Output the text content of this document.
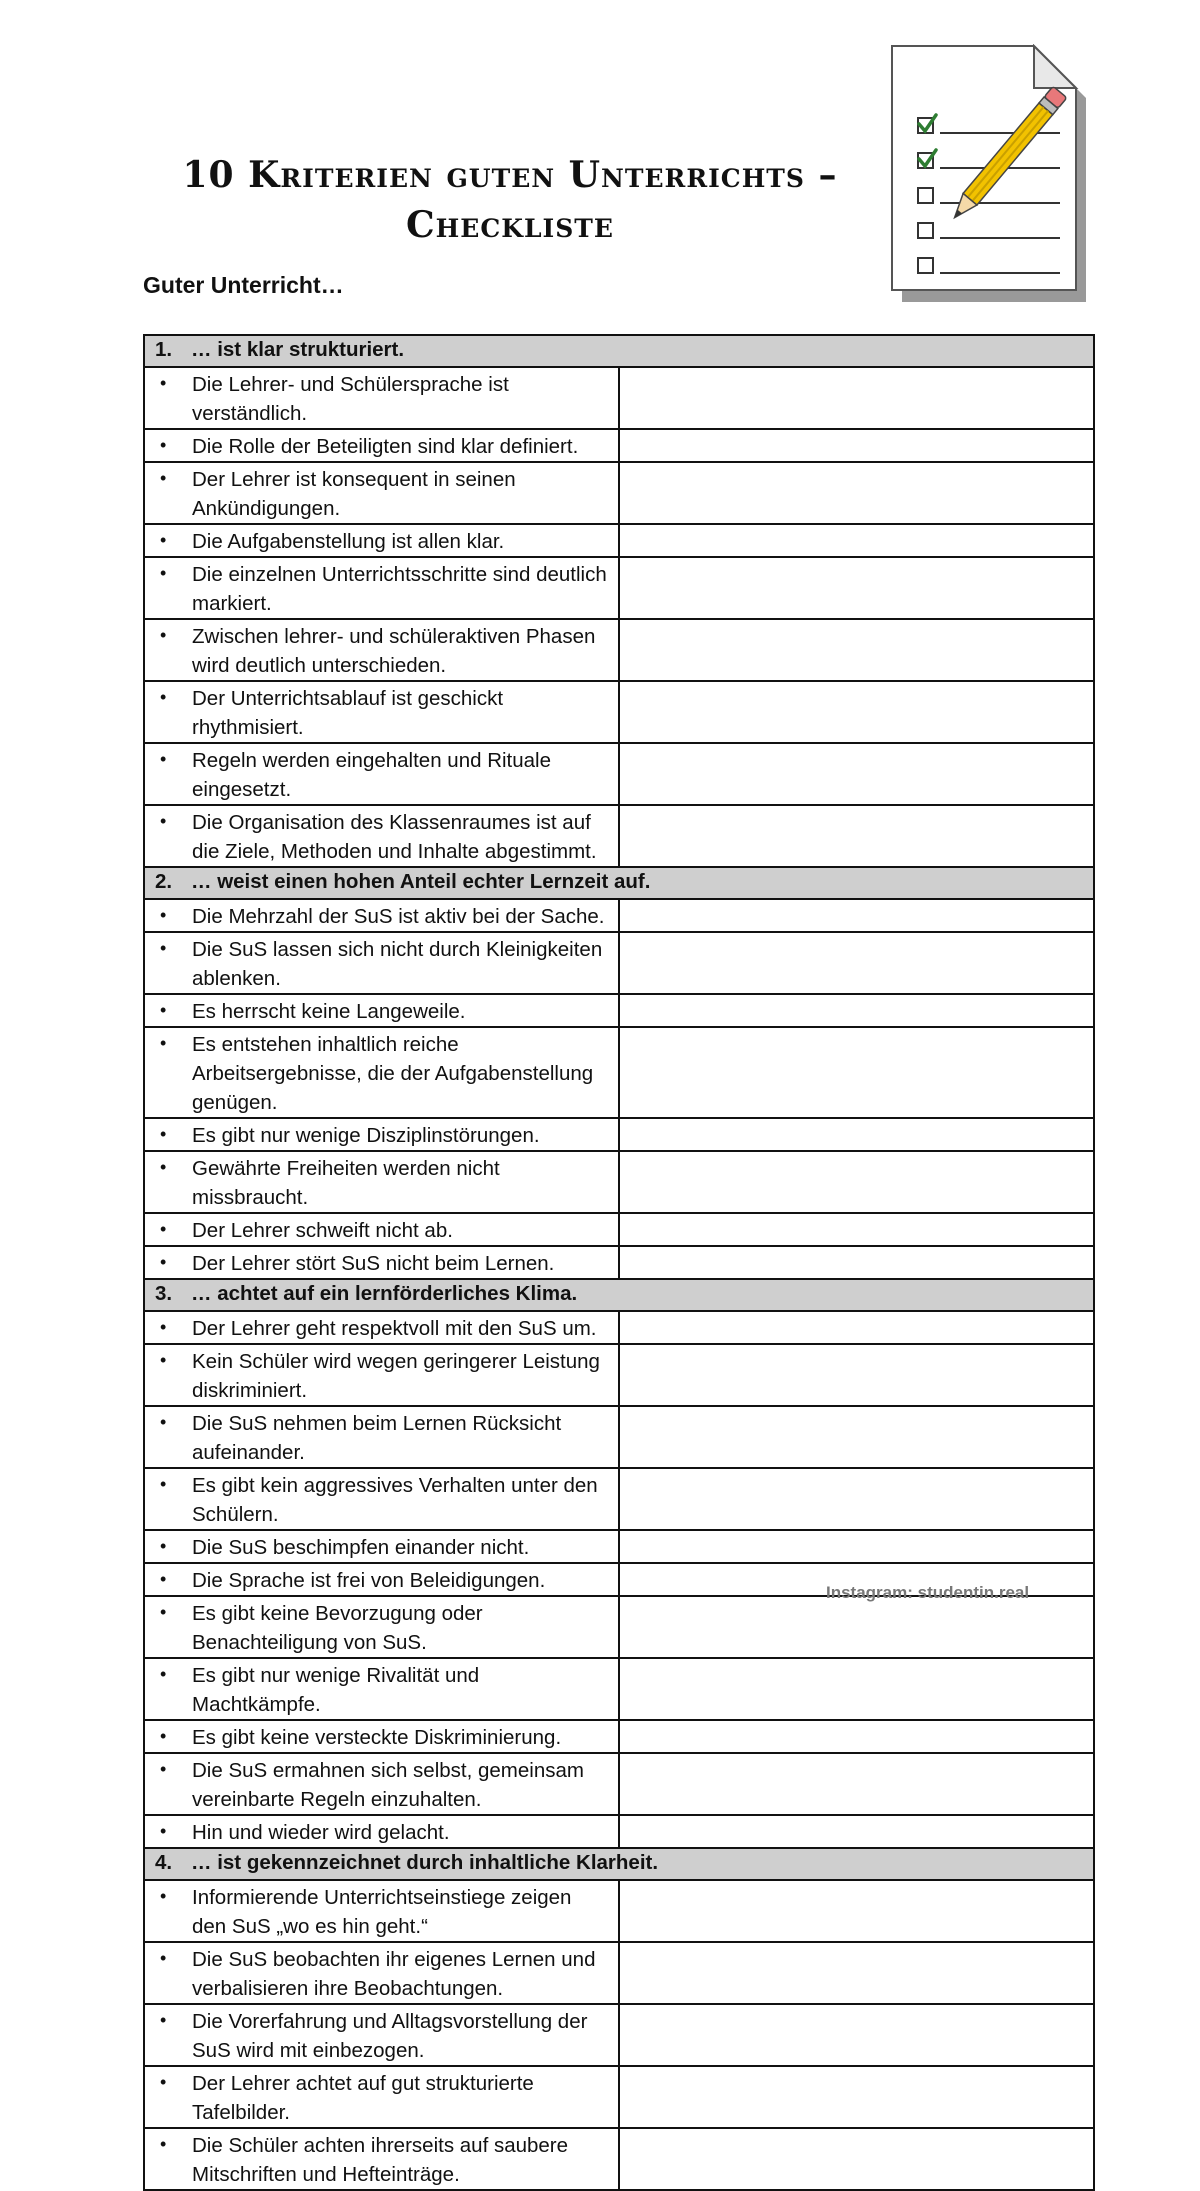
10 Kriterien guten Unterrichts –
Checkliste

Guter Unterricht…

1. … ist klar strukturiert.	

• Die Lehrer- und Schülersprache ist verständlich.	

• Die Rolle der Beteiligten sind klar definiert.	

• Der Lehrer ist konsequent in seinen Ankündigungen.	

• Die Aufgabenstellung ist allen klar.	

• Die einzelnen Unterrichtsschritte sind deutlich markiert.	

• Zwischen lehrer- und schüleraktiven Phasen wird deutlich unterschieden.	

• Der Unterrichtsablauf ist geschickt rhythmisiert.	

• Regeln werden eingehalten und Rituale eingesetzt.	

• Die Organisation des Klassenraumes ist auf die Ziele, Methoden und Inhalte abgestimmt.	
2. … weist einen hohen Anteil echter Lernzeit auf.	

• Die Mehrzahl der SuS ist aktiv bei der Sache.	

• Die SuS lassen sich nicht durch Kleinigkeiten ablenken.	

• Es herrscht keine Langeweile.	

• Es entstehen inhaltlich reiche Arbeitsergebnisse, die der Aufgabenstellung genügen.	

• Es gibt nur wenige Disziplinstörungen.	

• Gewährte Freiheiten werden nicht missbraucht.	

• Der Lehrer schweift nicht ab.	

• Der Lehrer stört SuS nicht beim Lernen.	
3. … achtet auf ein lernförderliches Klima.	

• Der Lehrer geht respektvoll mit den SuS um.	

• Kein Schüler wird wegen geringerer Leistung diskriminiert.	

• Die SuS nehmen beim Lernen Rücksicht aufeinander.	

• Es gibt kein aggressives Verhalten unter den Schülern.	

• Die SuS beschimpfen einander nicht.	

• Die Sprache ist frei von Beleidigungen.	

• Es gibt keine Bevorzugung oder Benachteiligung von SuS.	

• Es gibt nur wenige Rivalität und Machtkämpfe.	

• Es gibt keine versteckte Diskriminierung.	

• Die SuS ermahnen sich selbst, gemeinsam vereinbarte Regeln einzuhalten.	

• Hin und wieder wird gelacht.	
4. … ist gekennzeichnet durch inhaltliche Klarheit.	

• Informierende Unterrichtseinstiege zeigen den SuS „wo es hin geht.“	

• Die SuS beobachten ihr eigenes Lernen und verbalisieren ihre Beobachtungen.	

• Die Vorerfahrung und Alltagsvorstellung der SuS wird mit einbezogen.	

• Der Lehrer achtet auf gut strukturierte Tafelbilder.	

• Die Schüler achten ihrerseits auf saubere Mitschriften und Hefteinträge.	
Instagram: studentin.real
